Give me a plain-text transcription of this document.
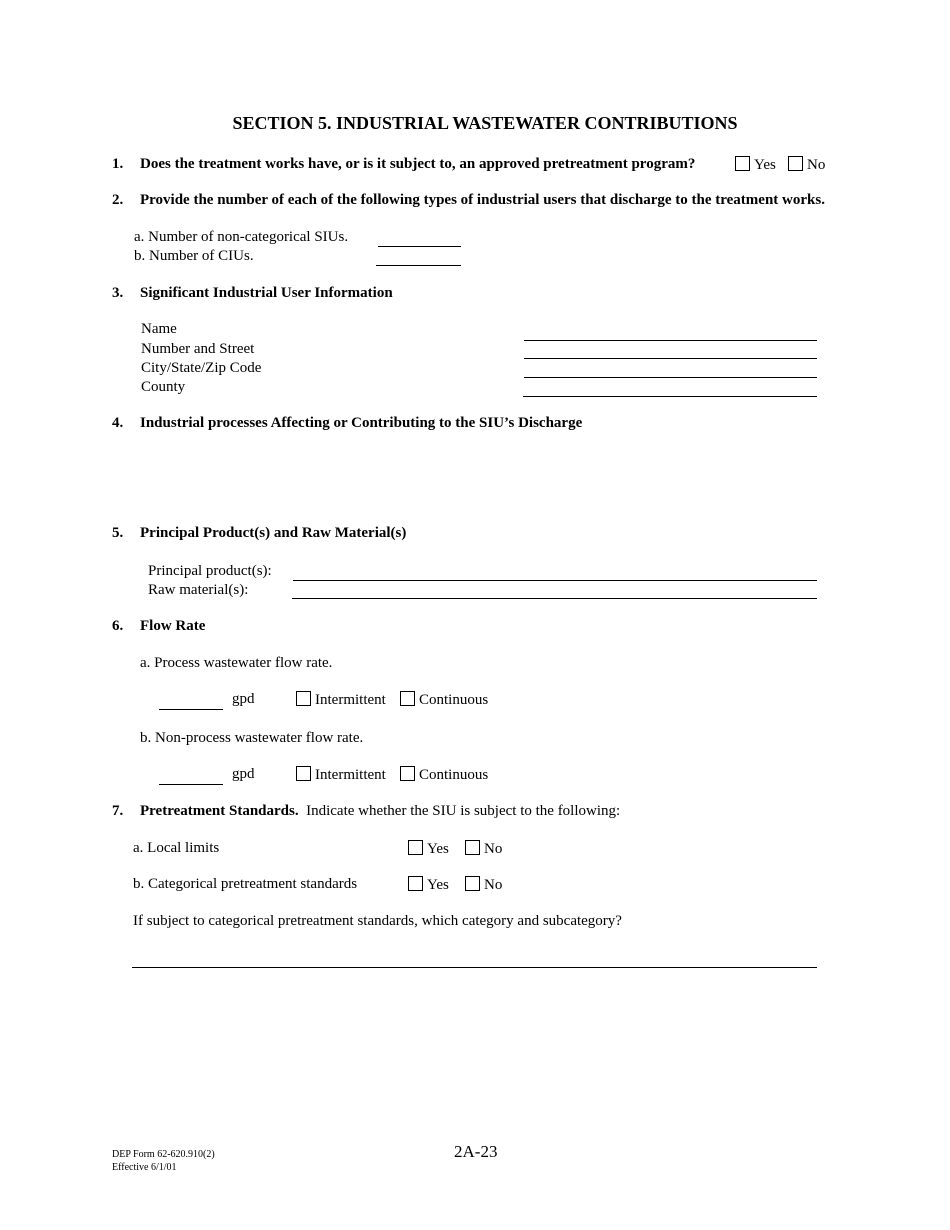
SECTION 5. INDUSTRIAL WASTEWATER CONTRIBUTIONS
1. Does the treatment works have, or is it subject to, an approved pretreatment program?	Yes	No
2. Provide the number of each of the following types of industrial users that discharge to the treatment works.
a. Number of non-categorical SIUs.
b. Number of CIUs.
3. Significant Industrial User Information
Name
Number and Street
City/State/Zip Code
County
4. Industrial processes Affecting or Contributing to the SIU’s Discharge
5. Principal Product(s) and Raw Material(s)
Principal product(s):
Raw material(s):
6. Flow Rate
a. Process wastewater flow rate.
gpd	Intermittent	Continuous
b. Non-process wastewater flow rate.
gpd	Intermittent	Continuous
7. Pretreatment Standards. Indicate whether the SIU is subject to the following:
a. Local limits	Yes	No
b. Categorical pretreatment standards	Yes	No
If subject to categorical pretreatment standards, which category and subcategory?
DEP Form 62-620.910(2)
Effective 6/1/01
2A-23
